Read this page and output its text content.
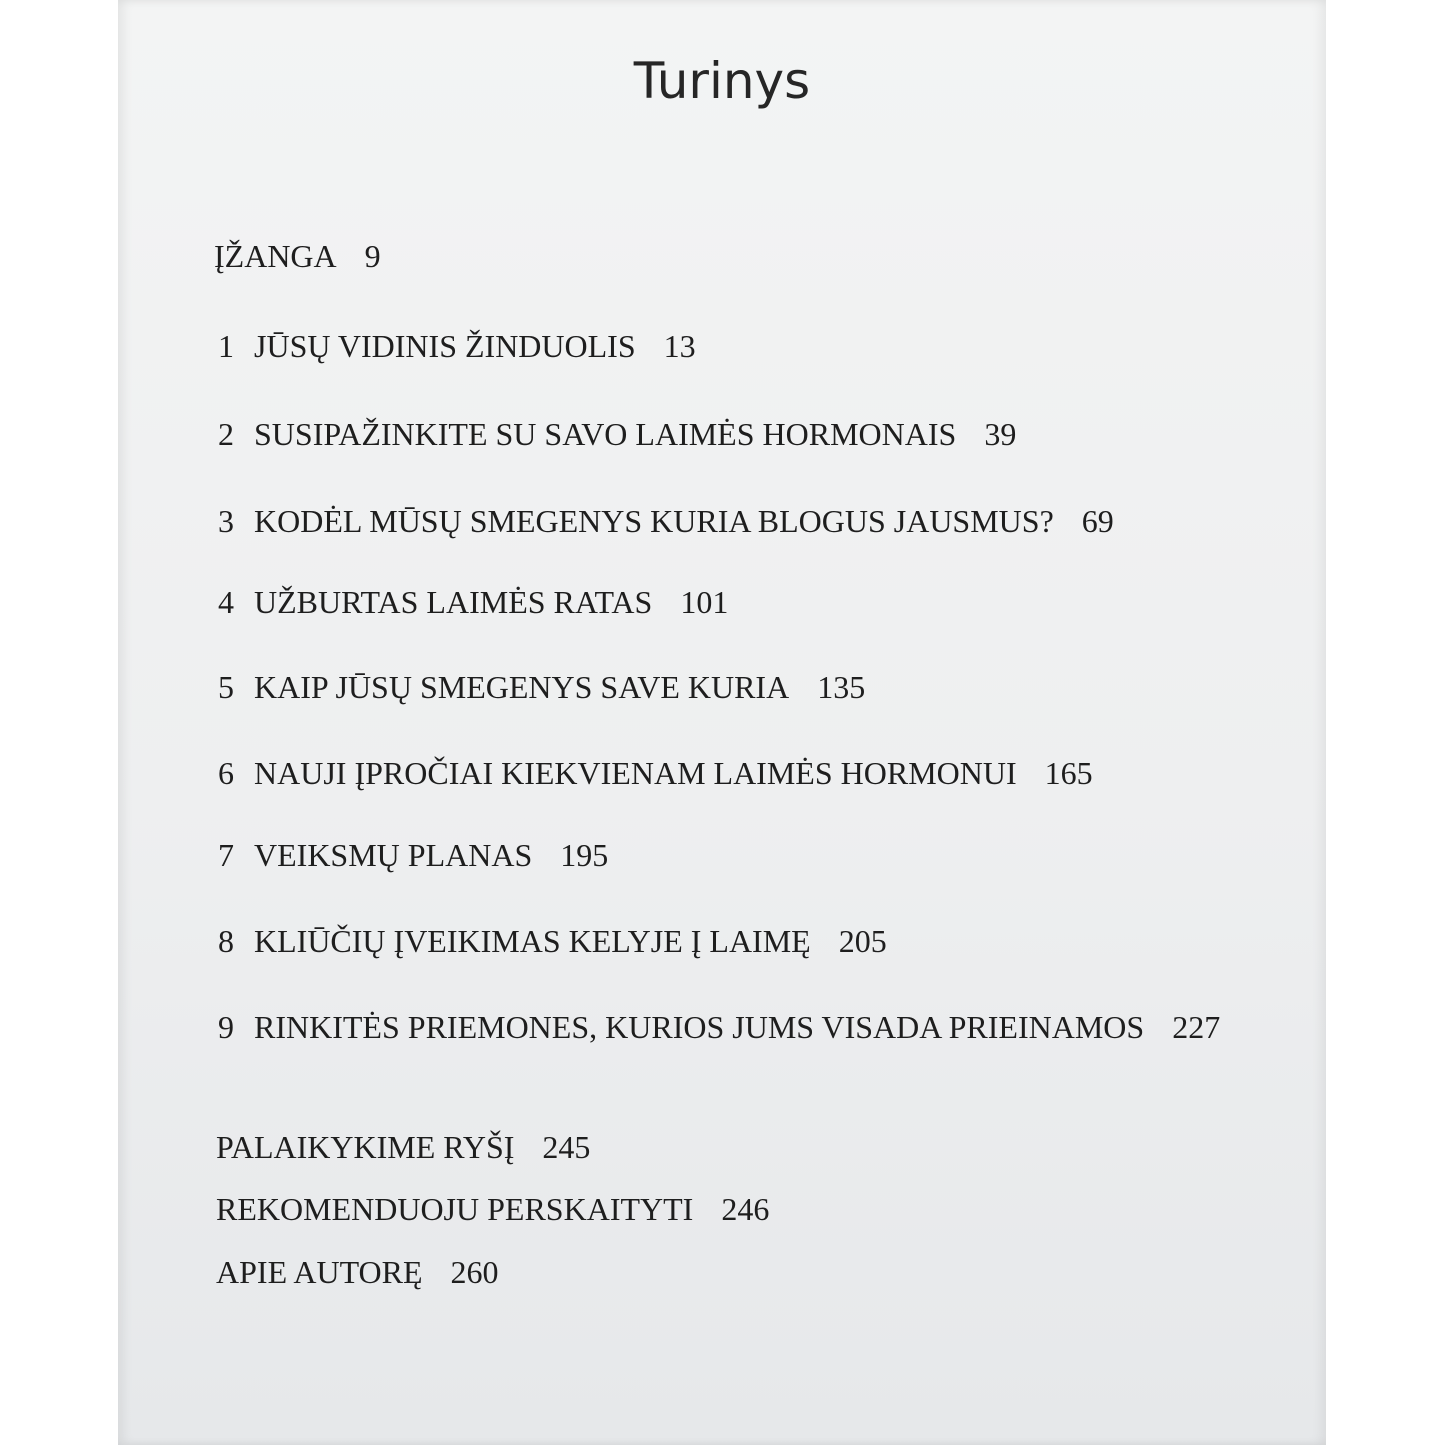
Turinys
ĮŽANGA 9
1 JŪSŲ VIDINIS ŽINDUOLIS 13
2 SUSIPAŽINKITE SU SAVO LAIMĖS HORMONAIS 39
3 KODĖL MŪSŲ SMEGENYS KURIA BLOGUS JAUSMUS? 69
4 UŽBURTAS LAIMĖS RATAS 101
5 KAIP JŪSŲ SMEGENYS SAVE KURIA 135
6 NAUJI ĮPROČIAI KIEKVIENAM LAIMĖS HORMONUI 165
7 VEIKSMŲ PLANAS 195
8 KLIŪČIŲ ĮVEIKIMAS KELYJE Į LAIMĘ 205
9 RINKITĖS PRIEMONES, KURIOS JUMS VISADA PRIEINAMOS 227
PALAIKYKIME RYŠĮ 245
REKOMENDUOJU PERSKAITYTI 246
APIE AUTORĘ 260
